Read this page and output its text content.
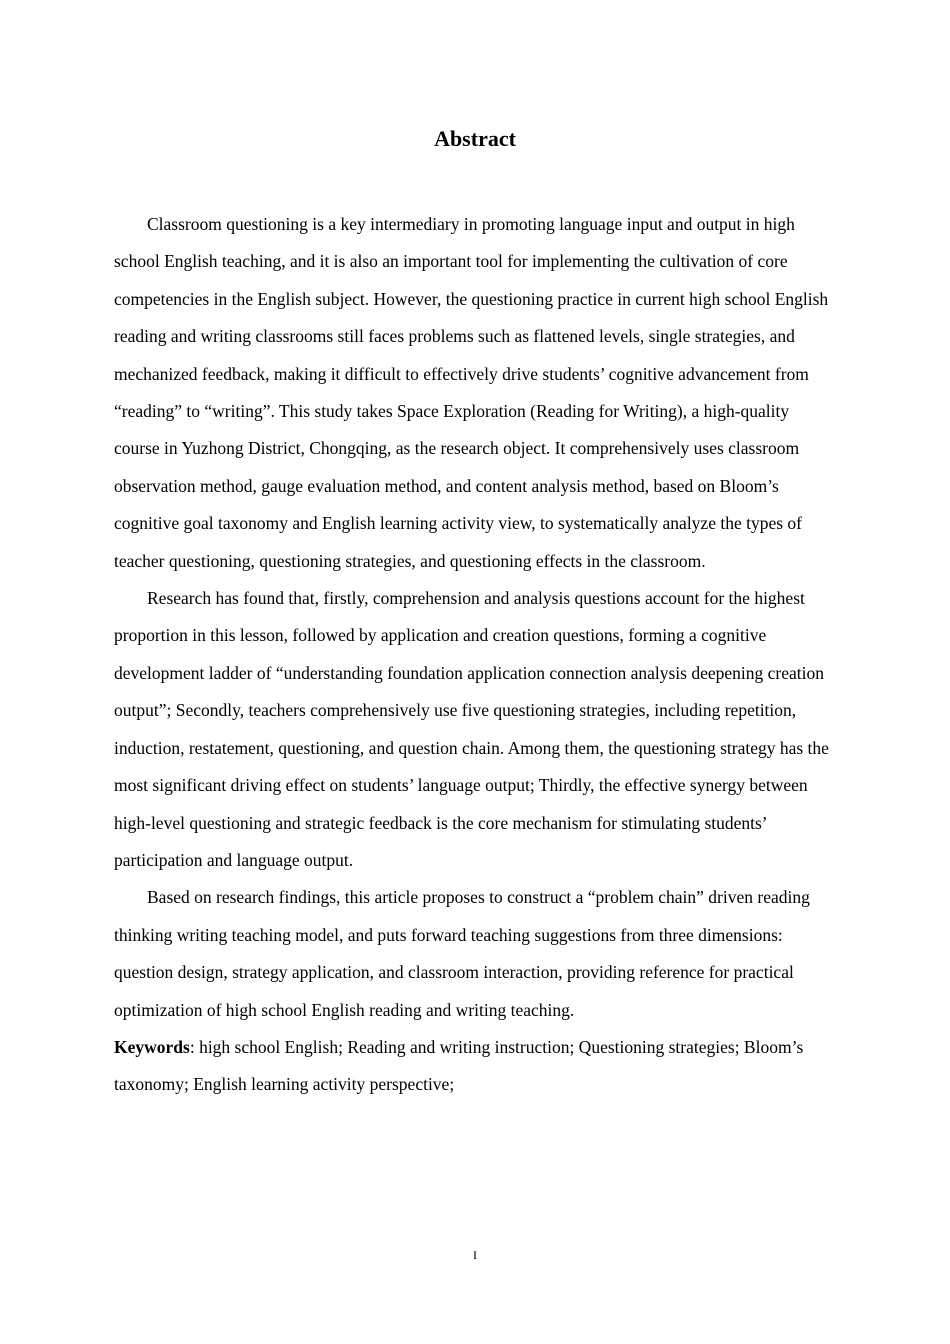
Abstract

Classroom questioning is a key intermediary in promoting language input and output in high school English teaching, and it is also an important tool for implementing the cultivation of core competencies in the English subject. However, the questioning practice in current high school English reading and writing classrooms still faces problems such as flattened levels, single strategies, and mechanized feedback, making it difficult to effectively drive students’ cognitive advancement from “reading” to “writing”. This study takes Space Exploration (Reading for Writing), a high-quality course in Yuzhong District, Chongqing, as the research object. It comprehensively uses classroom observation method, gauge evaluation method, and content analysis method, based on Bloom’s cognitive goal taxonomy and English learning activity view, to systematically analyze the types of teacher questioning, questioning strategies, and questioning effects in the classroom.

Research has found that, firstly, comprehension and analysis questions account for the highest proportion in this lesson, followed by application and creation questions, forming a cognitive development ladder of “understanding foundation application connection analysis deepening creation output”; Secondly, teachers comprehensively use five questioning strategies, including repetition, induction, restatement, questioning, and question chain. Among them, the questioning strategy has the most significant driving effect on students’ language output; Thirdly, the effective synergy between high-level questioning and strategic feedback is the core mechanism for stimulating students’ participation and language output.

Based on research findings, this article proposes to construct a “problem chain” driven reading thinking writing teaching model, and puts forward teaching suggestions from three dimensions: question design, strategy application, and classroom interaction, providing reference for practical optimization of high school English reading and writing teaching.

Keywords: high school English; Reading and writing instruction; Questioning strategies; Bloom’s taxonomy; English learning activity perspective;

I
